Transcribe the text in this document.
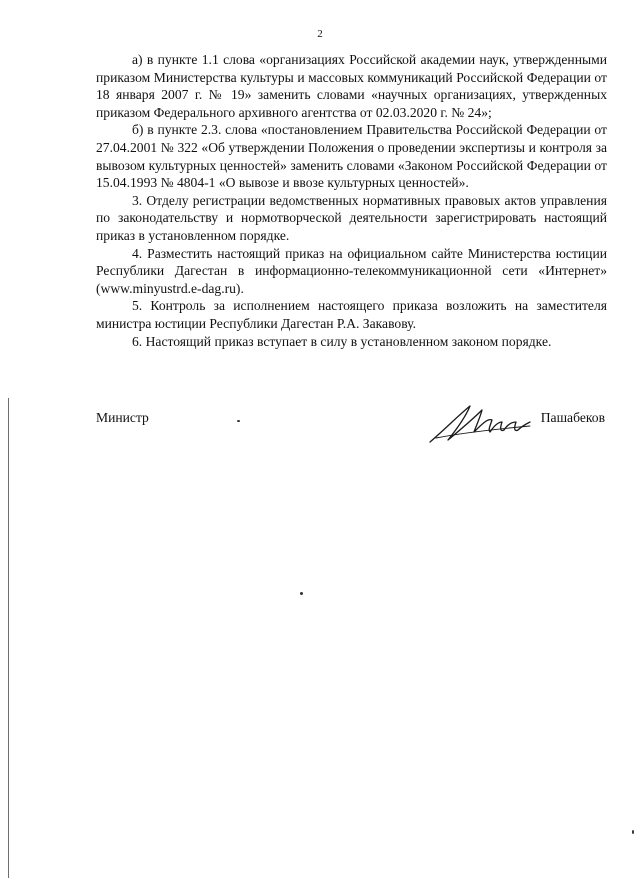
2

а) в пункте 1.1 слова «организациях Российской академии наук, утвержденными приказом Министерства культуры и массовых коммуникаций Российской Федерации от 18 января 2007 г. № 19» заменить словами «научных организациях, утвержденных приказом Федерального архивного агентства от 02.03.2020 г. № 24»;

б) в пункте 2.3. слова «постановлением Правительства Российской Федерации от 27.04.2001 № 322 «Об утверждении Положения о проведении экспертизы и контроля за вывозом культурных ценностей» заменить словами «Законом Российской Федерации от 15.04.1993 № 4804-1 «О вывозе и ввозе культурных ценностей».

3. Отделу регистрации ведомственных нормативных правовых актов управления по законодательству и нормотворческой деятельности зарегистрировать настоящий приказ в установленном порядке.

4. Разместить настоящий приказ на официальном сайте Министерства юстиции Республики Дагестан в информационно-телекоммуникационной сети «Интернет» (www.minyustrd.e-dag.ru).

5. Контроль за исполнением настоящего приказа возложить на заместителя министра юстиции Республики Дагестан Р.А. Закавову.

6. Настоящий приказ вступает в силу в установленном законом порядке.

Министр	Пашабеков
